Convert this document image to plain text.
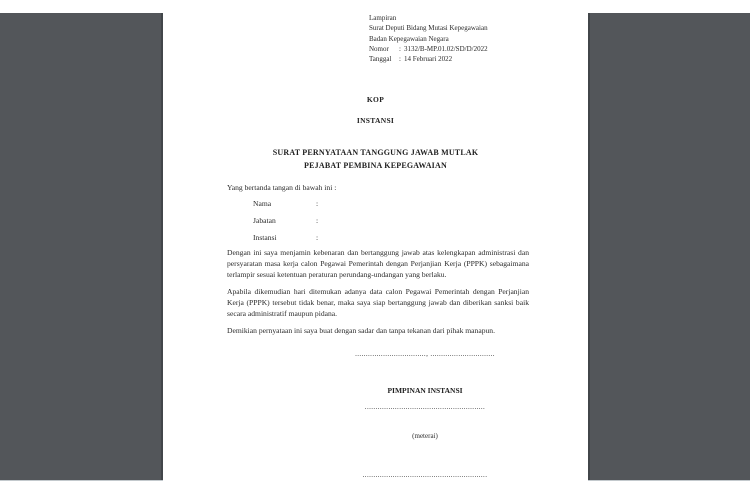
Lampiran
Surat Deputi Bidang Mutasi Kepegawaian
Badan Kepegawaian Negara
Nomor : 3132/B-MP.01.02/SD/D/2022
Tanggal : 14 Februari 2022
KOP
INSTANSI
SURAT PERNYATAAN TANGGUNG JAWAB MUTLAK
PEJABAT PEMBINA KEPEGAWAIAN
Yang bertanda tangan di bawah ini :
Nama	:
Jabatan	:
Instansi	:

Dengan ini saya menjamin kebenaran dan bertanggung jawab atas kelengkapan administrasi dan persyaratan masa kerja calon Pegawai Pemerintah dengan Perjanjian Kerja (PPPK) sebagaimana terlampir sesuai ketentuan peraturan perundang-undangan yang berlaku.

Apabila dikemudian hari ditemukan adanya data calon Pegawai Pemerintah dengan Perjanjian Kerja (PPPK) tersebut tidak benar, maka saya siap bertanggung jawab dan diberikan sanksi baik secara administratif maupun pidana.

Demikian pernyataan ini saya buat dengan sadar dan tanpa tekanan dari pihak manapun.

................................., ..............................
PIMPINAN INSTANSI
........................................................
(meterai)
..........................................................
